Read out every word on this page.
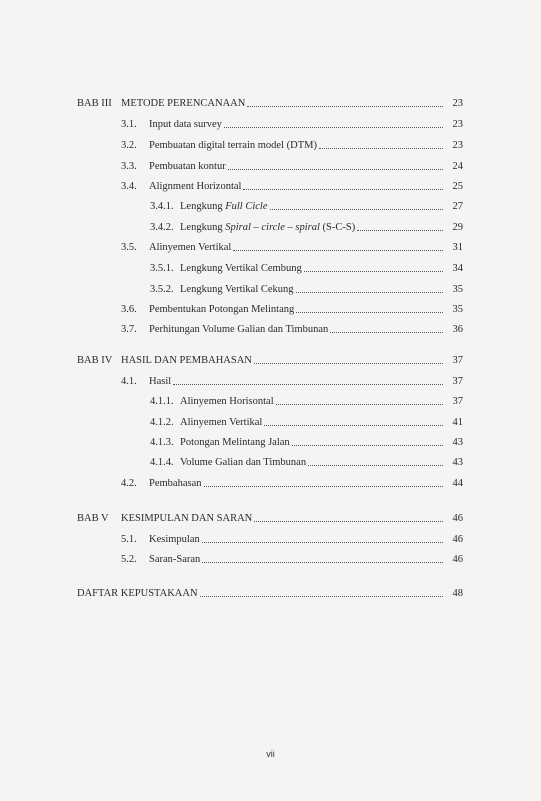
BAB III METODE PERENCANAAN	23
3.1.	Input data survey	23
3.2.	Pembuatan digital terrain model (DTM)	23
3.3.	Pembuatan kontur	24
3.4.	Alignment Horizontal	25
3.4.1. Lengkung Full Cicle	27
3.4.2. Lengkung Spiral – circle – spiral (S-C-S)	29
3.5.	Alinyemen Vertikal	31
3.5.1. Lengkung Vertikal Cembung	34
3.5.2. Lengkung Vertikal Cekung	35
3.6.	Pembentukan Potongan Melintang	35
3.7.	Perhitungan Volume Galian dan Timbunan	36
BAB IV HASIL DAN PEMBAHASAN	37
4.1.	Hasil	37
4.1.1. Alinyemen Horisontal	37
4.1.2. Alinyemen Vertikal	41
4.1.3. Potongan Melintang Jalan	43
4.1.4. Volume Galian dan Timbunan	43
4.2.	Pembahasan	44
BAB V	KESIMPULAN DAN SARAN	46
5.1.	Kesimpulan	46
5.2.	Saran-Saran	46
DAFTAR KEPUSTAKAAN	48
vii
